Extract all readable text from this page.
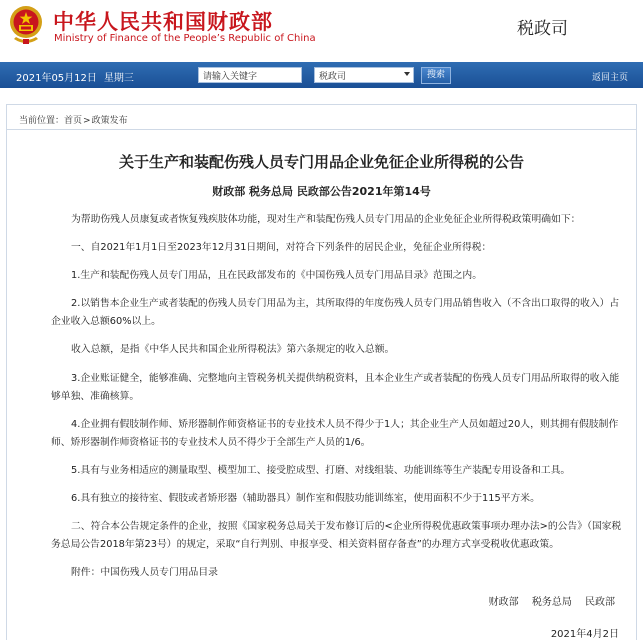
中华人民共和国财政部
Ministry of Finance of the People’s Republic of China	税政司
2021年05月12日 星期三	请输入关键字	税政司	搜索	返回主页
当前位置：首页>政策发布
关于生产和装配伤残人员专门用品企业免征企业所得税的公告
财政部 税务总局 民政部公告2021年第14号
为帮助伤残人员康复或者恢复残疾肢体功能，现对生产和装配伤残人员专门用品的企业免征企业所得税政策明确如下：
一、自2021年1月1日至2023年12月31日期间，对符合下列条件的居民企业，免征企业所得税：
1.生产和装配伤残人员专门用品，且在民政部发布的《中国伤残人员专门用品目录》范围之内。
2.以销售本企业生产或者装配的伤残人员专门用品为主，其所取得的年度伤残人员专门用品销售收入（不含出口取得的收入）占企业收入总额60%以上。
收入总额，是指《中华人民共和国企业所得税法》第六条规定的收入总额。
3.企业账证健全，能够准确、完整地向主管税务机关提供纳税资料，且本企业生产或者装配的伤残人员专门用品所取得的收入能够单独、准确核算。
4.企业拥有假肢制作师、矫形器制作师资格证书的专业技术人员不得少于1人；其企业生产人员如超过20人，则其拥有假肢制作师、矫形器制作师资格证书的专业技术人员不得少于全部生产人员的1/6。
5.具有与业务相适应的测量取型、模型加工、接受腔成型、打磨、对线组装、功能训练等生产装配专用设备和工具。
6.具有独立的接待室、假肢或者矫形器（辅助器具）制作室和假肢功能训练室，使用面积不少于115平方米。
二、符合本公告规定条件的企业，按照《国家税务总局关于发布修订后的<企业所得税优惠政策事项办理办法>的公告》（国家税务总局公告2018年第23号）的规定，采取“自行判别、申报享受、相关资料留存备查”的办理方式享受税收优惠政策。
附件：中国伤残人员专门用品目录
财政部 税务总局 民政部
2021年4月2日
